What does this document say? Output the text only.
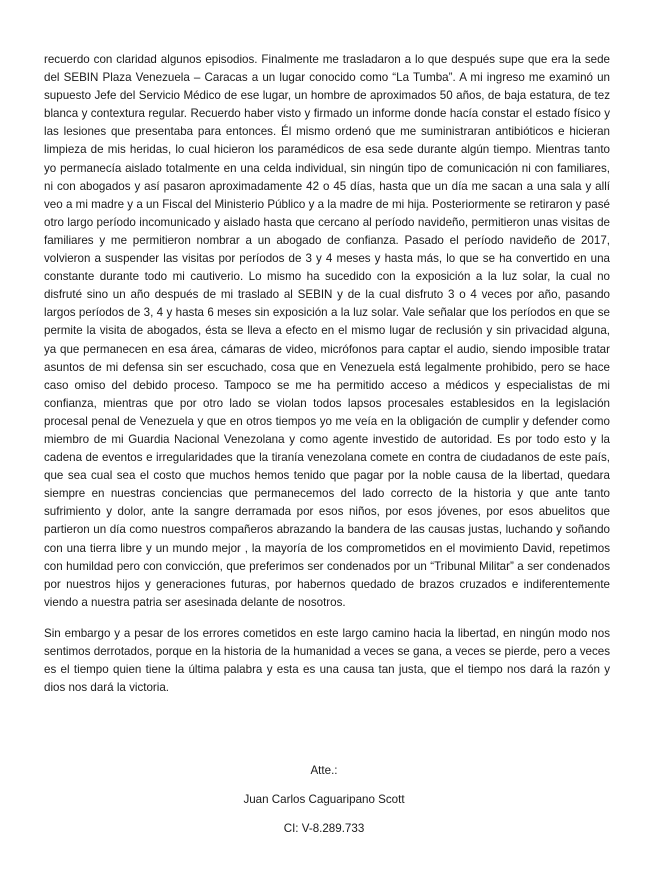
recuerdo con claridad algunos episodios. Finalmente me trasladaron a lo que después supe que era la sede del SEBIN Plaza Venezuela – Caracas a un lugar conocido como “La Tumba”. A mi ingreso me examinó un supuesto Jefe del Servicio Médico de ese lugar, un hombre de aproximados 50 años, de baja estatura, de tez blanca y contextura regular. Recuerdo haber visto y firmado un informe donde hacía constar el estado físico y las lesiones que presentaba para entonces. Él mismo ordenó que me suministraran antibióticos e hicieran limpieza de mis heridas, lo cual hicieron los paramédicos de esa sede durante algún tiempo. Mientras tanto yo permanecía aislado totalmente en una celda individual, sin ningún tipo de comunicación ni con familiares, ni con abogados y así pasaron aproximadamente 42 o 45 días, hasta que un día me sacan a una sala y allí veo a mi madre y a un Fiscal del Ministerio Público y a la madre de mi hija. Posteriormente se retiraron y pasé otro largo período incomunicado y aislado hasta que cercano al período navideño, permitieron unas visitas de familiares y me permitieron nombrar a un abogado de confianza. Pasado el período navideño de 2017, volvieron a suspender las visitas por períodos de 3 y 4 meses y hasta más, lo que se ha convertido en una constante durante todo mi cautiverio. Lo mismo ha sucedido con la exposición a la luz solar, la cual no disfruté sino un año después de mi traslado al SEBIN y de la cual disfruto 3 o 4 veces por año, pasando largos períodos de 3, 4 y hasta 6 meses sin exposición a la luz solar. Vale señalar que los períodos en que se permite la visita de abogados, ésta se lleva a efecto en el mismo lugar de reclusión y sin privacidad alguna, ya que permanecen en esa área, cámaras de video, micrófonos para captar el audio, siendo imposible tratar asuntos de mi defensa sin ser escuchado, cosa que en Venezuela está legalmente prohibido, pero se hace caso omiso del debido proceso. Tampoco se me ha permitido acceso a médicos y especialistas de mi confianza, mientras que por otro lado se violan todos lapsos procesales establesidos en la legislación procesal penal de Venezuela y que en otros tiempos yo me veía en la obligación de cumplir y defender como miembro de mi Guardia Nacional Venezolana y como agente investido de autoridad. Es por todo esto y la cadena de eventos e irregularidades que la tiranía venezolana comete en contra de ciudadanos de este país, que sea cual sea el costo que muchos hemos tenido que pagar por la noble causa de la libertad, quedara siempre en nuestras conciencias que permanecemos del lado correcto de la historia y que ante tanto sufrimiento y dolor, ante la sangre derramada por esos niños, por esos jóvenes, por esos abuelitos que partieron un día como nuestros compañeros abrazando la bandera de las causas justas, luchando y soñando con una tierra libre y un mundo mejor , la mayoría de los comprometidos en el movimiento David, repetimos con humildad pero con convicción, que preferimos ser condenados por un “Tribunal Militar” a ser condenados por nuestros hijos y generaciones futuras, por habernos quedado de brazos cruzados e indiferentemente viendo a nuestra patria ser asesinada delante de nosotros.

Sin embargo y a pesar de los errores cometidos en este largo camino hacia la libertad, en ningún modo nos sentimos derrotados, porque en la historia de la humanidad a veces se gana, a veces se pierde, pero a veces es el tiempo quien tiene la última palabra y esta es una causa tan justa, que el tiempo nos dará la razón y dios nos dará la victoria.

Atte.:
Juan Carlos Caguaripano Scott
CI: V-8.289.733
